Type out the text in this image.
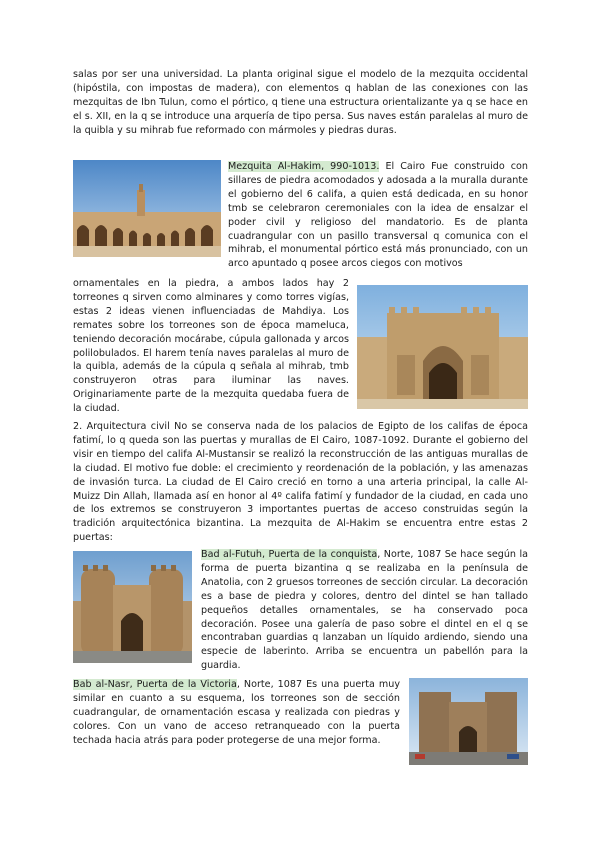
salas por ser una universidad. La planta original sigue el modelo de la mezquita occidental (hipóstila, con impostas de madera), con elementos q hablan de las conexiones con las mezquitas de Ibn Tulun, como el pórtico, q tiene una estructura orientalizante ya q se hace en el s. XII, en la q se introduce una arquería de tipo persa. Sus naves están paralelas al muro de la quibla y su mihrab fue reformado con mármoles y piedras duras.

Mezquita Al-Hakim, 990-1013. El Cairo Fue construido con sillares de piedra acomodados y adosada a la muralla durante el gobierno del 6 califa, a quien está dedicada, en su honor tmb se celebraron ceremoniales con la idea de ensalzar el poder civil y religioso del mandatorio. Es de planta cuadrangular con un pasillo transversal q comunica con el mihrab, el monumental pórtico está más pronunciado, con un arco apuntado q posee arcos ciegos con motivos

ornamentales en la piedra, a ambos lados hay 2 torreones q sirven como alminares y como torres vigías, estas 2 ideas vienen influenciadas de Mahdiya. Los remates sobre los torreones son de época mameluca, teniendo decoración mocárabe, cúpula gallonada y arcos polilobulados. El harem tenía naves paralelas al muro de la quibla, además de la cúpula q señala al mihrab, tmb construyeron otras para iluminar las naves. Originariamente parte de la mezquita quedaba fuera de la ciudad.

2. Arquitectura civil No se conserva nada de los palacios de Egipto de los califas de época fatimí, lo q queda son las puertas y murallas de El Cairo, 1087-1092. Durante el gobierno del visir en tiempo del califa Al-Mustansir se realizó la reconstrucción de las antiguas murallas de la ciudad. El motivo fue doble: el crecimiento y reordenación de la población, y las amenazas de invasión turca. La ciudad de El Cairo creció en torno a una arteria principal, la calle Al-Muizz Din Allah, llamada así en honor al 4º califa fatimí y fundador de la ciudad, en cada uno de los extremos se construyeron 3 importantes puertas de acceso construidas según la tradición arquitectónica bizantina. La mezquita de Al-Hakim se encuentra entre estas 2 puertas:

Bad al-Futuh, Puerta de la conquista, Norte, 1087 Se hace según la forma de puerta bizantina q se realizaba en la península de Anatolia, con 2 gruesos torreones de sección circular. La decoración es a base de piedra y colores, dentro del dintel se han tallado pequeños detalles ornamentales, se ha conservado poca decoración. Posee una galería de paso sobre el dintel en el q se encontraban guardias q lanzaban un líquido ardiendo, siendo una especie de laberinto. Arriba se encuentra un pabellón para la guardia.

Bab al-Nasr, Puerta de la Victoria, Norte, 1087 Es una puerta muy similar en cuanto a su esquema, los torreones son de sección cuadrangular, de ornamentación escasa y realizada con piedras y colores. Con un vano de acceso retranqueado con la puerta techada hacia atrás para poder protegerse de una mejor forma.
